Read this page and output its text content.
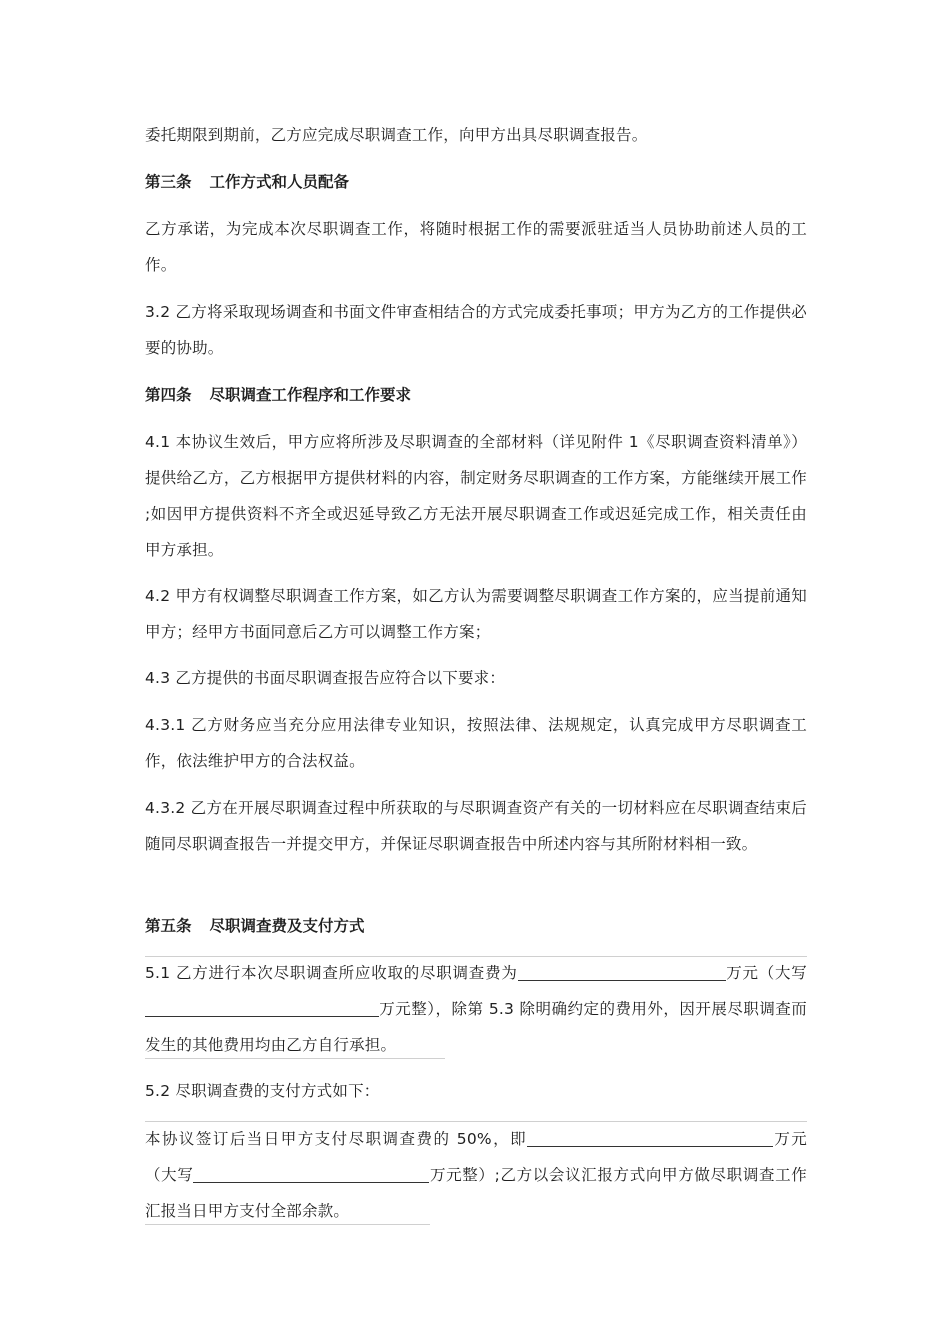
委托期限到期前，乙方应完成尽职调查工作，向甲方出具尽职调查报告。

第三条 工作方式和人员配备

乙方承诺，为完成本次尽职调查工作，将随时根据工作的需要派驻适当人员协助前述人员的工作。

3.2 乙方将采取现场调查和书面文件审查相结合的方式完成委托事项；甲方为乙方的工作提供必要的协助。

第四条 尽职调查工作程序和工作要求

4.1 本协议生效后，甲方应将所涉及尽职调查的全部材料（详见附件 1《尽职调查资料清单》）提供给乙方，乙方根据甲方提供材料的内容，制定财务尽职调查的工作方案，方能继续开展工作 ;如因甲方提供资料不齐全或迟延导致乙方无法开展尽职调查工作或迟延完成工作，相关责任由甲方承担。

4.2 甲方有权调整尽职调查工作方案，如乙方认为需要调整尽职调查工作方案的，应当提前通知甲方；经甲方书面同意后乙方可以调整工作方案；

4.3 乙方提供的书面尽职调查报告应符合以下要求：

4.3.1 乙方财务应当充分应用法律专业知识，按照法律、法规规定，认真完成甲方尽职调查工作，依法维护甲方的合法权益。

4.3.2 乙方在开展尽职调查过程中所获取的与尽职调查资产有关的一切材料应在尽职调查结束后随同尽职调查报告一并提交甲方，并保证尽职调查报告中所述内容与其所附材料相一致。

第五条 尽职调查费及支付方式

5.1 乙方进行本次尽职调查所应收取的尽职调查费为	万元（大写万元整），除第 5.3 除明确约定的费用外，因开展尽职调查而发生的其他费用均由乙方自行承担。

5.2 尽职调查费的支付方式如下：

本协议签订后当日甲方支付尽职调查费的 50%，即	万元（大写	万元整）;乙方以会议汇报方式向甲方做尽职调查工作汇报当日甲方支付全部余款。
